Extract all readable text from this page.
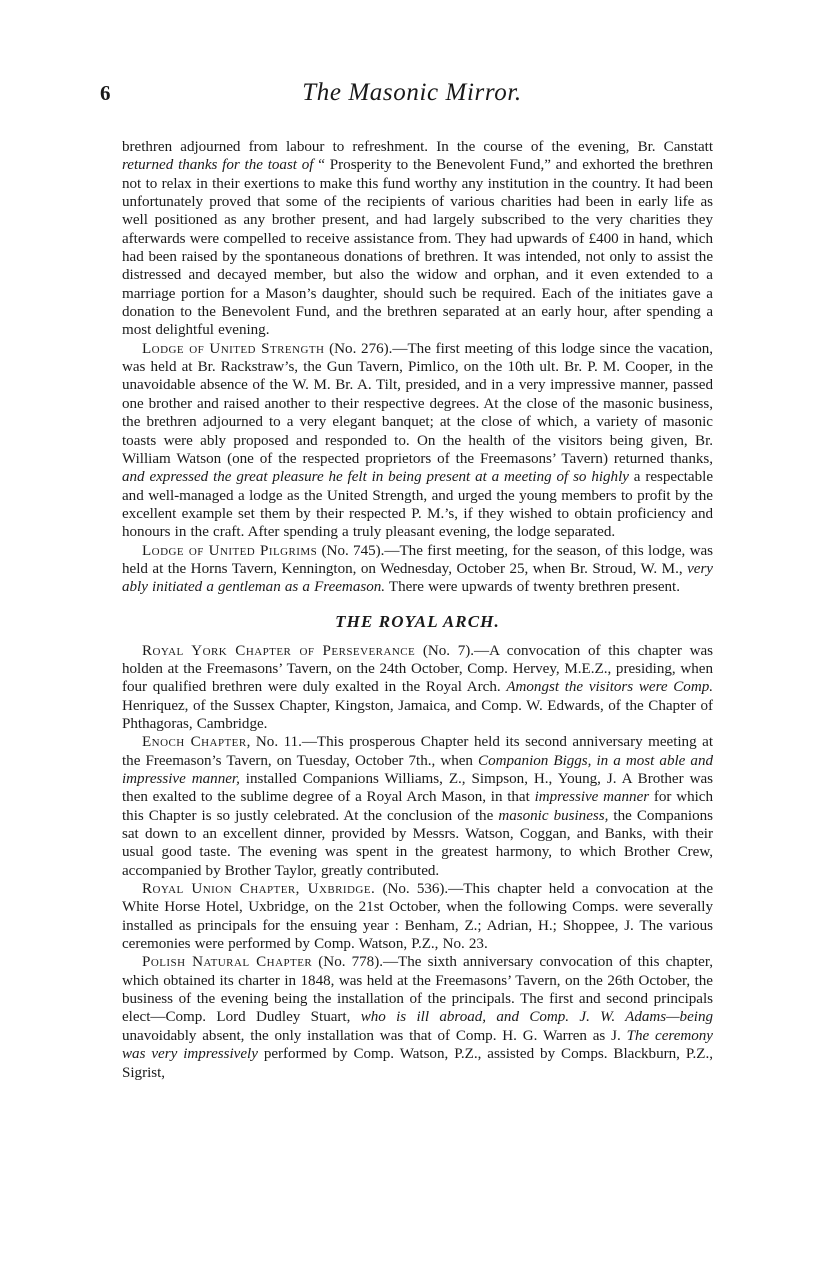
6	The Masonic Mirror.

brethren adjourned from labour to refreshment. In the course of the evening, Br. Canstatt returned thanks for the toast of “ Prosperity to the Benevolent Fund,” and exhorted the brethren not to relax in their exertions to make this fund worthy any institution in the country. It had been unfortunately proved that some of the recipients of various charities had been in early life as well positioned as any brother present, and had largely subscribed to the very charities they afterwards were compelled to receive assistance from. They had upwards of £400 in hand, which had been raised by the spontaneous donations of brethren. It was intended, not only to assist the distressed and decayed member, but also the widow and orphan, and it even extended to a marriage portion for a Mason’s daughter, should such be required. Each of the initiates gave a donation to the Benevolent Fund, and the brethren separated at an early hour, after spending a most delightful evening.

Lodge of United Strength (No. 276).—The first meeting of this lodge since the vacation, was held at Br. Rackstraw’s, the Gun Tavern, Pimlico, on the 10th ult. Br. P. M. Cooper, in the unavoidable absence of the W. M. Br. A. Tilt, presided, and in a very impressive manner, passed one brother and raised another to their respective degrees. At the close of the masonic business, the brethren adjourned to a very elegant banquet; at the close of which, a variety of masonic toasts were ably proposed and responded to. On the health of the visitors being given, Br. William Watson (one of the respected proprietors of the Freemasons’ Tavern) returned thanks, and expressed the great pleasure he felt in being present at a meeting of so highly a respectable and well-managed a lodge as the United Strength, and urged the young members to profit by the excellent example set them by their respected P. M.’s, if they wished to obtain proficiency and honours in the craft. After spending a truly pleasant evening, the lodge separated.

Lodge of United Pilgrims (No. 745).—The first meeting, for the season, of this lodge, was held at the Horns Tavern, Kennington, on Wednesday, October 25, when Br. Stroud, W. M., very ably initiated a gentleman as a Freemason. There were upwards of twenty brethren present.

THE ROYAL ARCH.

Royal York Chapter of Perseverance (No. 7).—A convocation of this chapter was holden at the Freemasons’ Tavern, on the 24th October, Comp. Hervey, M.E.Z., presiding, when four qualified brethren were duly exalted in the Royal Arch. Amongst the visitors were Comp. Henriquez, of the Sussex Chapter, Kingston, Jamaica, and Comp. W. Edwards, of the Chapter of Phthagoras, Cambridge.

Enoch Chapter, No. 11.—This prosperous Chapter held its second anniversary meeting at the Freemason’s Tavern, on Tuesday, October 7th., when Companion Biggs, in a most able and impressive manner, installed Companions Williams, Z., Simpson, H., Young, J. A Brother was then exalted to the sublime degree of a Royal Arch Mason, in that impressive manner for which this Chapter is so justly celebrated. At the conclusion of the masonic business, the Companions sat down to an excellent dinner, provided by Messrs. Watson, Coggan, and Banks, with their usual good taste. The evening was spent in the greatest harmony, to which Brother Crew, accompanied by Brother Taylor, greatly contributed.

Royal Union Chapter, Uxbridge. (No. 536).—This chapter held a convocation at the White Horse Hotel, Uxbridge, on the 21st October, when the following Comps. were severally installed as principals for the ensuing year : Benham, Z.; Adrian, H.; Shoppee, J. The various ceremonies were performed by Comp. Watson, P.Z., No. 23.

Polish Natural Chapter (No. 778).—The sixth anniversary convocation of this chapter, which obtained its charter in 1848, was held at the Freemasons’ Tavern, on the 26th October, the business of the evening being the installation of the principals. The first and second principals elect—Comp. Lord Dudley Stuart, who is ill abroad, and Comp. J. W. Adams—being unavoidably absent, the only installation was that of Comp. H. G. Warren as J. The ceremony was very impressively performed by Comp. Watson, P.Z., assisted by Comps. Blackburn, P.Z., Sigrist,
